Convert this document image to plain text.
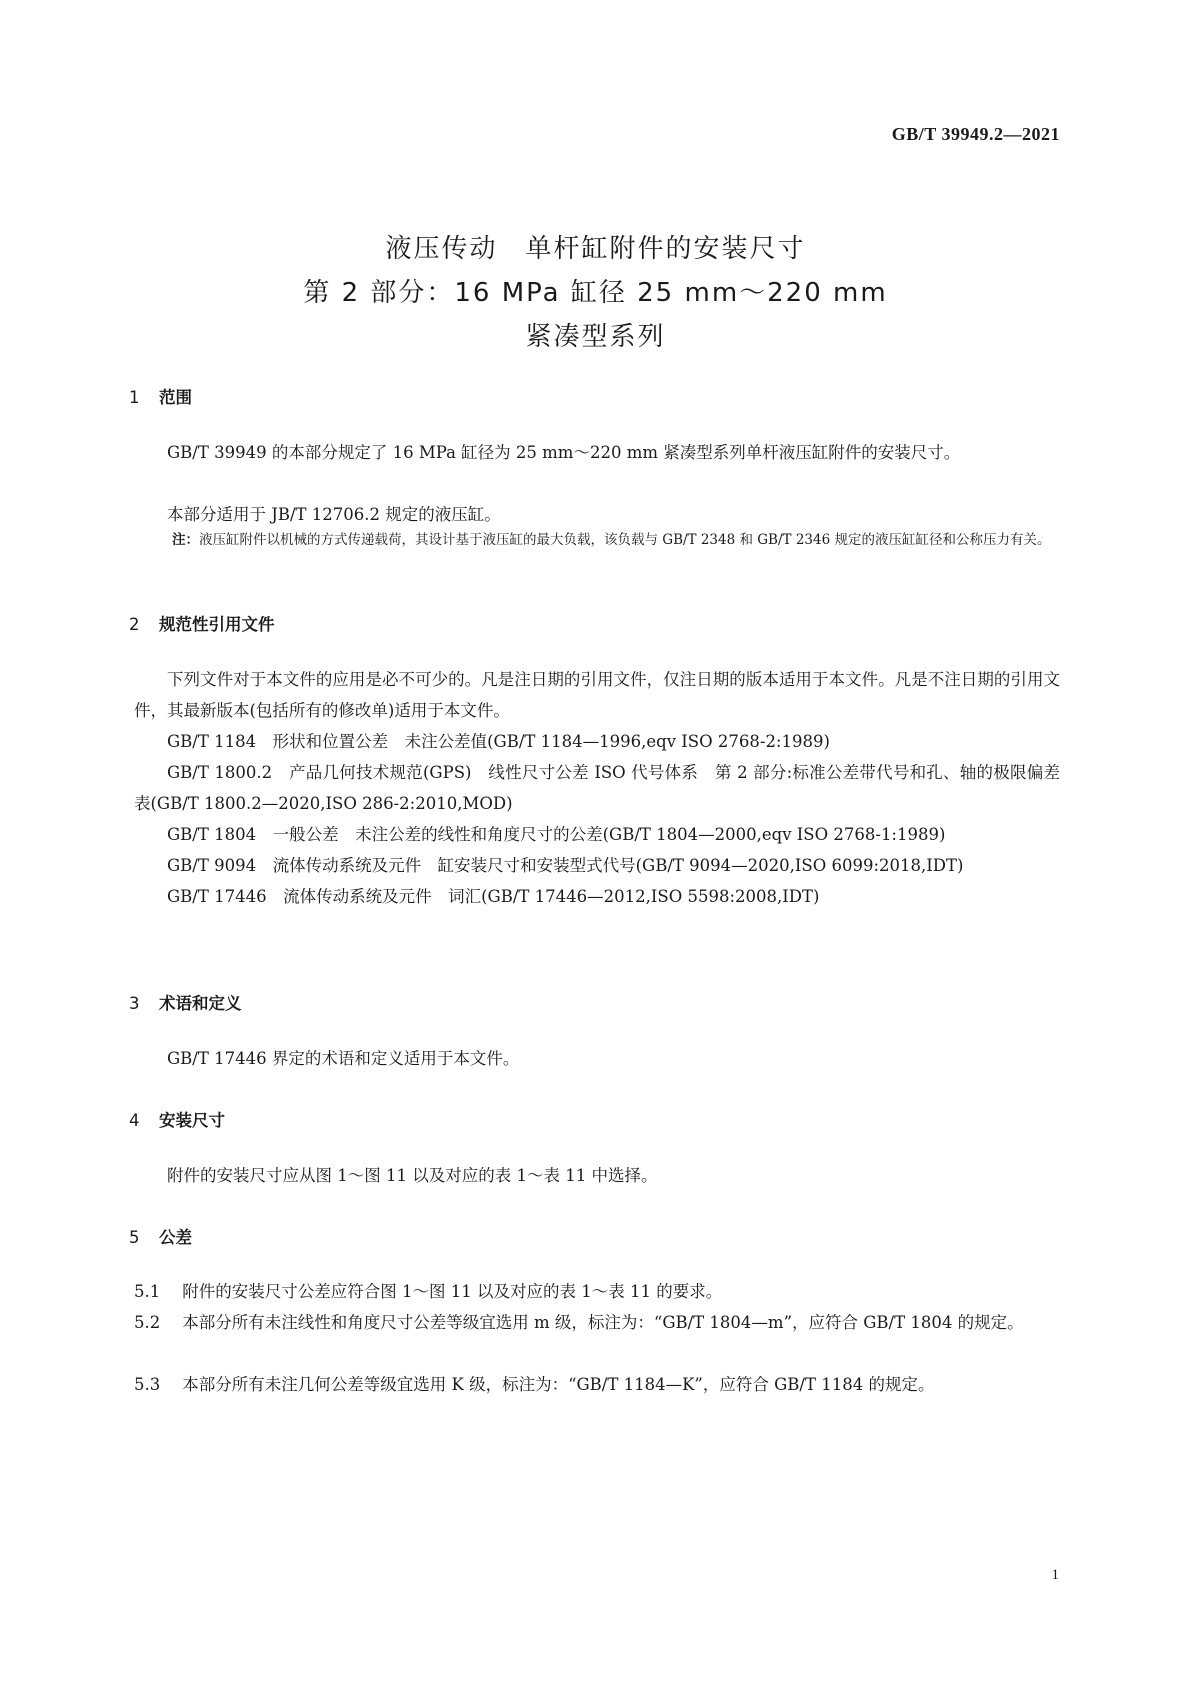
GB/T 39949.2—2021
液压传动　单杆缸附件的安装尺寸
第 2 部分：16 MPa 缸径 25 mm～220 mm
紧凑型系列
1 范围
GB/T 39949 的本部分规定了 16 MPa 缸径为 25 mm～220 mm 紧凑型系列单杆液压缸附件的安装尺寸。
本部分适用于 JB/T 12706.2 规定的液压缸。
注：液压缸附件以机械的方式传递载荷，其设计基于液压缸的最大负载，该负载与 GB/T 2348 和 GB/T 2346 规定的液压缸缸径和公称压力有关。
2 规范性引用文件
下列文件对于本文件的应用是必不可少的。凡是注日期的引用文件，仅注日期的版本适用于本文件。凡是不注日期的引用文件，其最新版本(包括所有的修改单)适用于本文件。
GB/T 1184　形状和位置公差　未注公差值(GB/T 1184—1996,eqv ISO 2768-2:1989)
GB/T 1800.2　产品几何技术规范(GPS)　线性尺寸公差 ISO 代号体系　第 2 部分:标准公差带代号和孔、轴的极限偏差表(GB/T 1800.2—2020,ISO 286-2:2010,MOD)
GB/T 1804　一般公差　未注公差的线性和角度尺寸的公差(GB/T 1804—2000,eqv ISO 2768-1:1989)
GB/T 9094　流体传动系统及元件　缸安装尺寸和安装型式代号(GB/T 9094—2020,ISO 6099:2018,IDT)
GB/T 17446　流体传动系统及元件　词汇(GB/T 17446—2012,ISO 5598:2008,IDT)
3 术语和定义
GB/T 17446 界定的术语和定义适用于本文件。
4 安装尺寸
附件的安装尺寸应从图 1～图 11 以及对应的表 1～表 11 中选择。
5 公差
5.1 附件的安装尺寸公差应符合图 1～图 11 以及对应的表 1～表 11 的要求。
5.2 本部分所有未注线性和角度尺寸公差等级宜选用 m 级，标注为：“GB/T 1804—m”，应符合 GB/T 1804 的规定。
5.3 本部分所有未注几何公差等级宜选用 K 级，标注为：“GB/T 1184—K”，应符合 GB/T 1184 的规定。
1
